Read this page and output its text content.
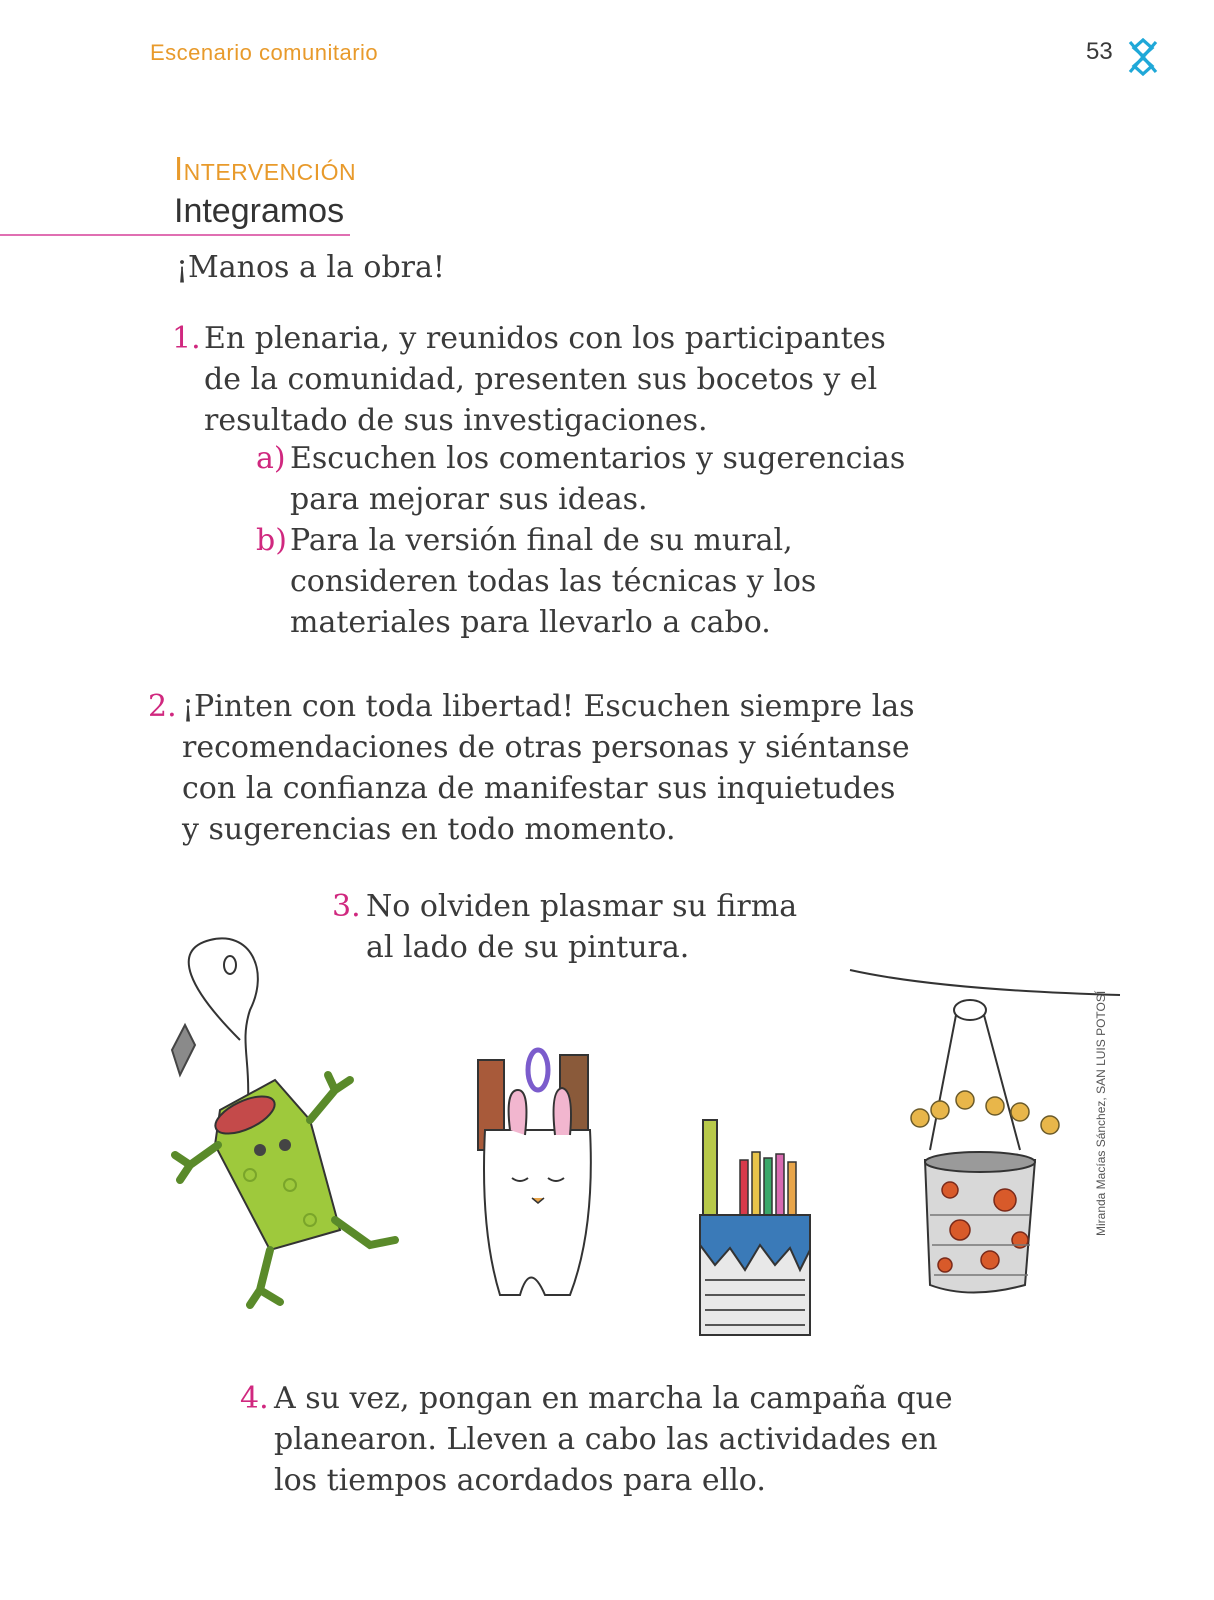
Escenario comunitario	53
Intervención
Integramos
¡Manos a la obra!
1. En plenaria, y reunidos con los participantes
de la comunidad, presenten sus bocetos y el
resultado de sus investigaciones.
a) Escuchen los comentarios y sugerencias
para mejorar sus ideas.
b) Para la versión final de su mural,
consideren todas las técnicas y los
materiales para llevarlo a cabo.
2. ¡Pinten con toda libertad! Escuchen siempre las
recomendaciones de otras personas y siéntanse
con la confianza de manifestar sus inquietudes
y sugerencias en todo momento.
3. No olviden plasmar su firma
al lado de su pintura.
Miranda Macías Sánchez, SAN LUIS POTOSÍ
4. A su vez, pongan en marcha la campaña que
planearon. Lleven a cabo las actividades en
los tiempos acordados para ello.
